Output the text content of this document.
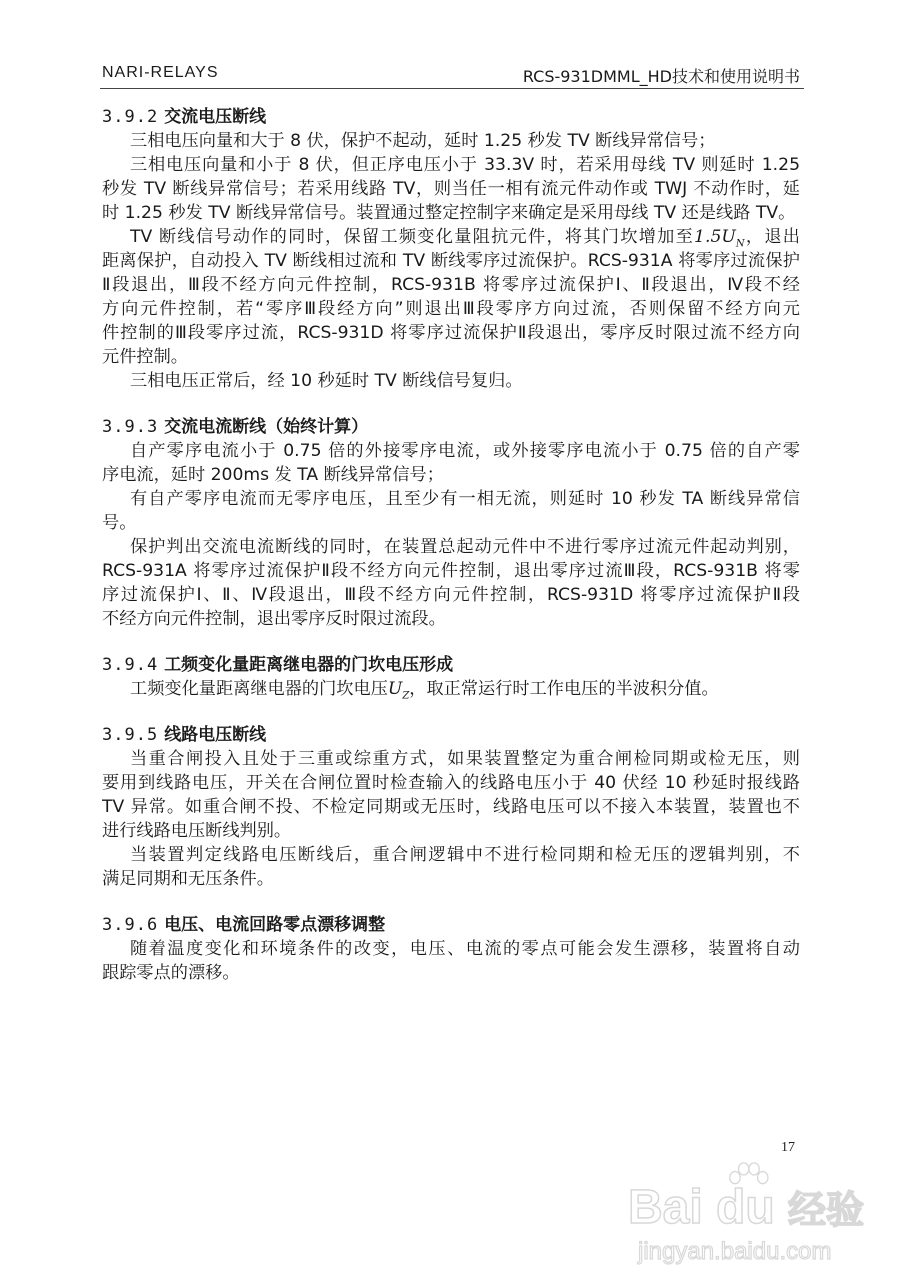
NARI-RELAYS	RCS-931DMML_HD技术和使用说明书
3.9.2 交流电压断线
三相电压向量和大于 8 伏，保护不起动，延时 1.25 秒发 TV 断线异常信号；
三相电压向量和小于 8 伏，但正序电压小于 33.3V 时，若采用母线 TV 则延时 1.25
秒发 TV 断线异常信号；若采用线路 TV，则当任一相有流元件动作或 TWJ 不动作时，延
时 1.25 秒发 TV 断线异常信号。装置通过整定控制字来确定是采用母线 TV 还是线路 TV。
TV 断线信号动作的同时，保留工频变化量阻抗元件，将其门坎增加至$1.5U_N$，退出
距离保护，自动投入 TV 断线相过流和 TV 断线零序过流保护。RCS-931A 将零序过流保护
Ⅱ段退出，Ⅲ段不经方向元件控制，RCS-931B 将零序过流保护Ⅰ、Ⅱ段退出，Ⅳ段不经
方向元件控制，若“零序Ⅲ段经方向”则退出Ⅲ段零序方向过流，否则保留不经方向元
件控制的Ⅲ段零序过流，RCS-931D 将零序过流保护Ⅱ段退出，零序反时限过流不经方向
元件控制。
三相电压正常后，经 10 秒延时 TV 断线信号复归。
3.9.3 交流电流断线（始终计算）
自产零序电流小于 0.75 倍的外接零序电流，或外接零序电流小于 0.75 倍的自产零
序电流，延时 200ms 发 TA 断线异常信号；
有自产零序电流而无零序电压，且至少有一相无流，则延时 10 秒发 TA 断线异常信
号。
保护判出交流电流断线的同时，在装置总起动元件中不进行零序过流元件起动判别，
RCS-931A 将零序过流保护Ⅱ段不经方向元件控制，退出零序过流Ⅲ段，RCS-931B 将零
序过流保护Ⅰ、Ⅱ、Ⅳ段退出，Ⅲ段不经方向元件控制，RCS-931D 将零序过流保护Ⅱ段
不经方向元件控制，退出零序反时限过流段。
3.9.4 工频变化量距离继电器的门坎电压形成
工频变化量距离继电器的门坎电压$U_Z$，取正常运行时工作电压的半波积分值。
3.9.5 线路电压断线
当重合闸投入且处于三重或综重方式，如果装置整定为重合闸检同期或检无压，则
要用到线路电压，开关在合闸位置时检查输入的线路电压小于 40 伏经 10 秒延时报线路
TV 异常。如重合闸不投、不检定同期或无压时，线路电压可以不接入本装置，装置也不
进行线路电压断线判别。
当装置判定线路电压断线后，重合闸逻辑中不进行检同期和检无压的逻辑判别，不
满足同期和无压条件。
3.9.6 电压、电流回路零点漂移调整
随着温度变化和环境条件的改变，电压、电流的零点可能会发生漂移，装置将自动
跟踪零点的漂移。
Bai du 经验
jingyan.baidu.com
17
